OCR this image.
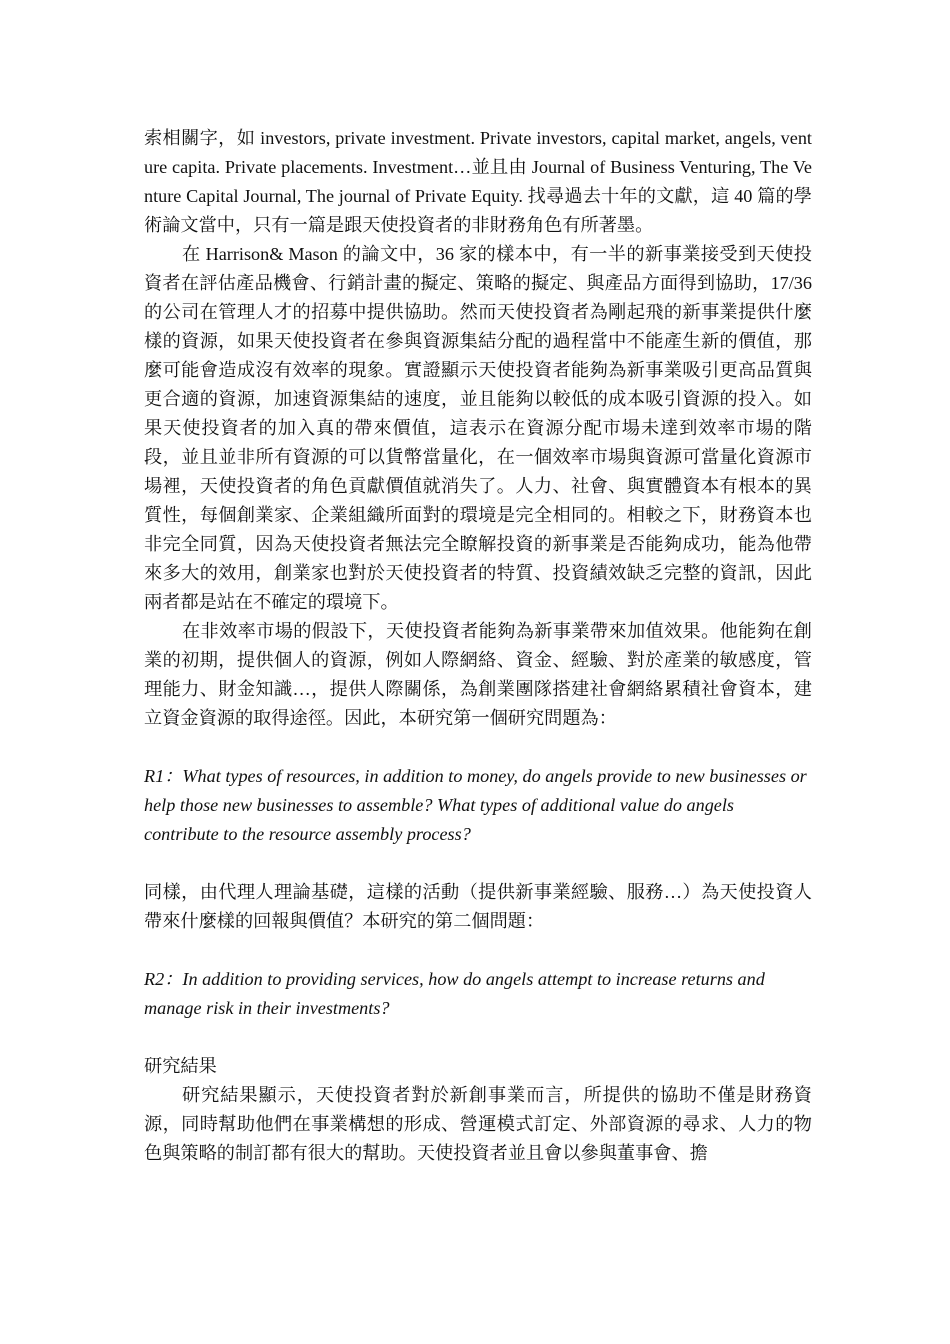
索相關字，如 investors, private investment. Private investors, capital market, angels, venture capita. Private placements. Investment…並且由 Journal of Business Venturing, The Venture Capital Journal, The journal of Private Equity. 找尋過去十年的文獻，這 40 篇的學術論文當中，只有一篇是跟天使投資者的非財務角色有所著墨。

在 Harrison& Mason 的論文中，36 家的樣本中，有一半的新事業接受到天使投資者在評估產品機會、行銷計畫的擬定、策略的擬定、與產品方面得到協助，17/36 的公司在管理人才的招募中提供協助。然而天使投資者為剛起飛的新事業提供什麼樣的資源，如果天使投資者在參與資源集結分配的過程當中不能產生新的價值，那麼可能會造成沒有效率的現象。實證顯示天使投資者能夠為新事業吸引更高品質與更合適的資源，加速資源集結的速度，並且能夠以較低的成本吸引資源的投入。如果天使投資者的加入真的帶來價值，這表示在資源分配市場未達到效率市場的階段，並且並非所有資源的可以貨幣當量化，在一個效率市場與資源可當量化資源市場裡，天使投資者的角色貢獻價值就消失了。人力、社會、與實體資本有根本的異質性，每個創業家、企業組織所面對的環境是完全相同的。相較之下，財務資本也非完全同質，因為天使投資者無法完全瞭解投資的新事業是否能夠成功，能為他帶來多大的效用，創業家也對於天使投資者的特質、投資績效缺乏完整的資訊，因此兩者都是站在不確定的環境下。

在非效率市場的假設下，天使投資者能夠為新事業帶來加值效果。他能夠在創業的初期，提供個人的資源，例如人際網絡、資金、經驗、對於產業的敏感度，管理能力、財金知識…，提供人際關係，為創業團隊搭建社會網絡累積社會資本，建立資金資源的取得途徑。因此，本研究第一個研究問題為：

R1：What types of resources, in addition to money, do angels provide to new businesses or help those new businesses to assemble? What types of additional value do angels contribute to the resource assembly process?

同樣，由代理人理論基礎，這樣的活動（提供新事業經驗、服務…）為天使投資人帶來什麼樣的回報與價值？本研究的第二個問題：

R2：In addition to providing services, how do angels attempt to increase returns and manage risk in their investments?

研究結果

研究結果顯示，天使投資者對於新創事業而言，所提供的協助不僅是財務資源，同時幫助他們在事業構想的形成、營運模式訂定、外部資源的尋求、人力的物色與策略的制訂都有很大的幫助。天使投資者並且會以參與董事會、擔
